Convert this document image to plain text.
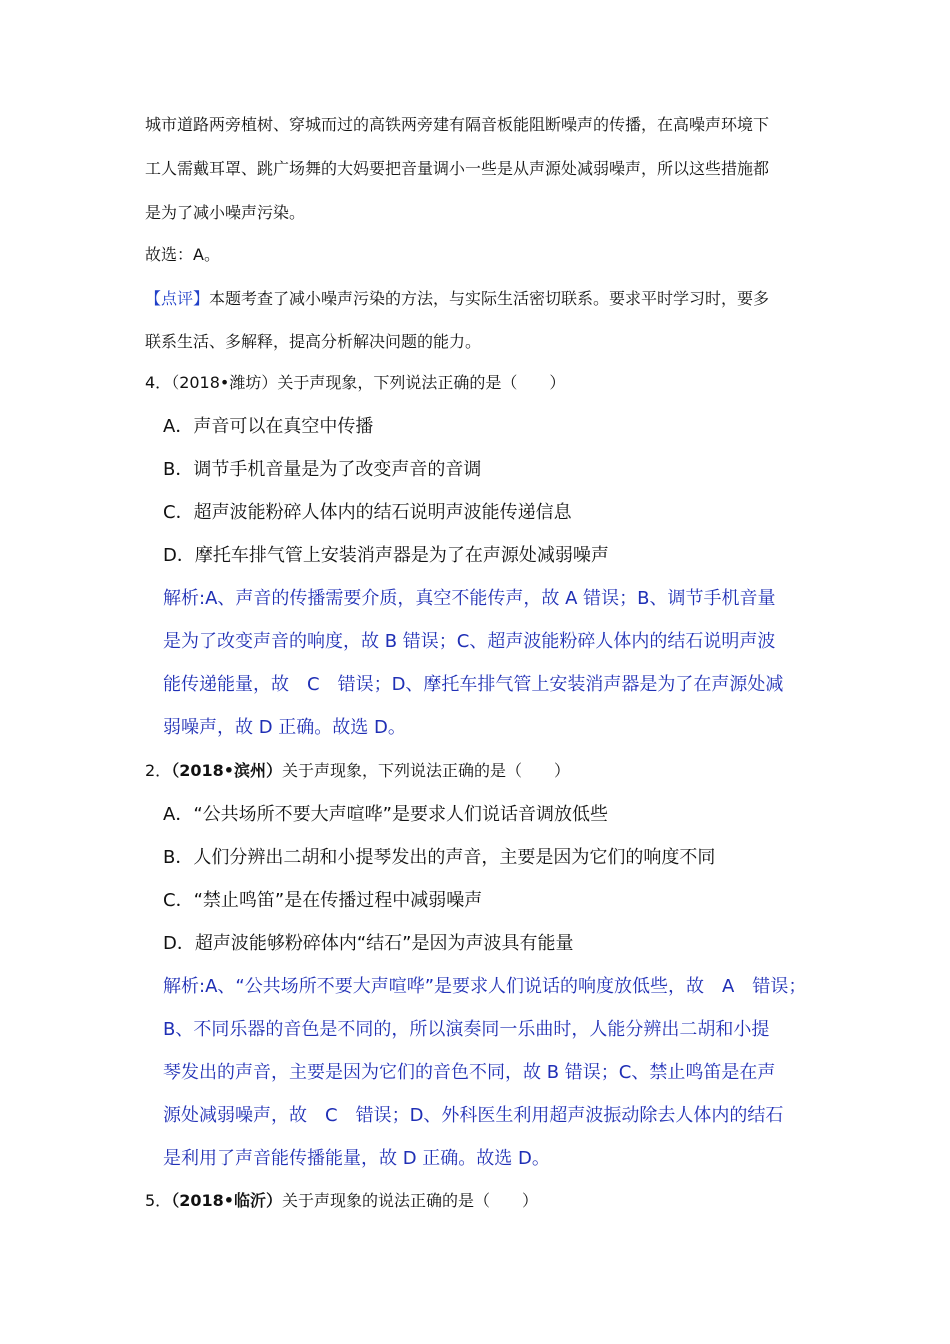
城市道路两旁植树、穿城而过的高铁两旁建有隔音板能阻断噪声的传播，在高噪声环境下
工人需戴耳罩、跳广场舞的大妈要把音量调小一些是从声源处减弱噪声，所以这些措施都
是为了减小噪声污染。
故选：A。
【点评】本题考查了减小噪声污染的方法，与实际生活密切联系。要求平时学习时，要多
联系生活、多解释，提高分析解决问题的能力。
4．（2018•潍坊）关于声现象，下列说法正确的是（　　）
A．声音可以在真空中传播
B．调节手机音量是为了改变声音的音调
C．超声波能粉碎人体内的结石说明声波能传递信息
D．摩托车排气管上安装消声器是为了在声源处减弱噪声
解析:A、声音的传播需要介质，真空不能传声，故 A 错误；B、调节手机音量
是为了改变声音的响度，故 B 错误；C、超声波能粉碎人体内的结石说明声波
能传递能量，故　C　错误；D、摩托车排气管上安装消声器是为了在声源处减
弱噪声，故 D 正确。故选 D。
2．（2018•滨州）关于声现象，下列说法正确的是（　　）
A．“公共场所不要大声喧哗”是要求人们说话音调放低些
B．人们分辨出二胡和小提琴发出的声音，主要是因为它们的响度不同
C．“禁止鸣笛”是在传播过程中减弱噪声
D．超声波能够粉碎体内“结石”是因为声波具有能量
解析:A、“公共场所不要大声喧哗”是要求人们说话的响度放低些，故　A　错误；
B、不同乐器的音色是不同的，所以演奏同一乐曲时，人能分辨出二胡和小提
琴发出的声音，主要是因为它们的音色不同，故 B 错误；C、禁止鸣笛是在声
源处减弱噪声，故　C　错误；D、外科医生利用超声波振动除去人体内的结石
是利用了声音能传播能量，故 D 正确。故选 D。
5．（2018•临沂）关于声现象的说法正确的是（　　）
